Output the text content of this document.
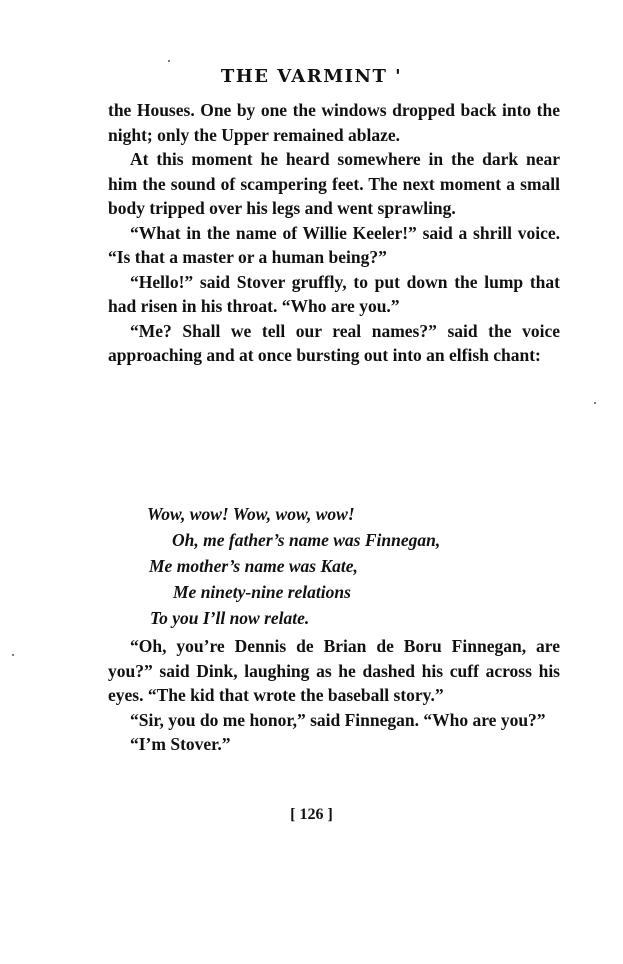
THE VARMINT '

the Houses. One by one the windows dropped back into the night; only the Upper remained ablaze.

At this moment he heard somewhere in the dark near him the sound of scampering feet. The next moment a small body tripped over his legs and went sprawling.

“What in the name of Willie Keeler!” said a shrill voice. “Is that a master or a human being?”

“Hello!” said Stover gruffly, to put down the lump that had risen in his throat. “Who are you.”

“Me? Shall we tell our real names?” said the voice approaching and at once bursting out into an elfish chant:

Wow, wow! Wow, wow, wow!
Oh, me father’s name was Finnegan,
Me mother’s name was Kate,
Me ninety-nine relations
To you I’ll now relate.

“Oh, you’re Dennis de Brian de Boru Finnegan, are you?” said Dink, laughing as he dashed his cuff across his eyes. “The kid that wrote the baseball story.”

“Sir, you do me honor,” said Finnegan. “Who are you?”

“I’m Stover.”

[ 126 ]
